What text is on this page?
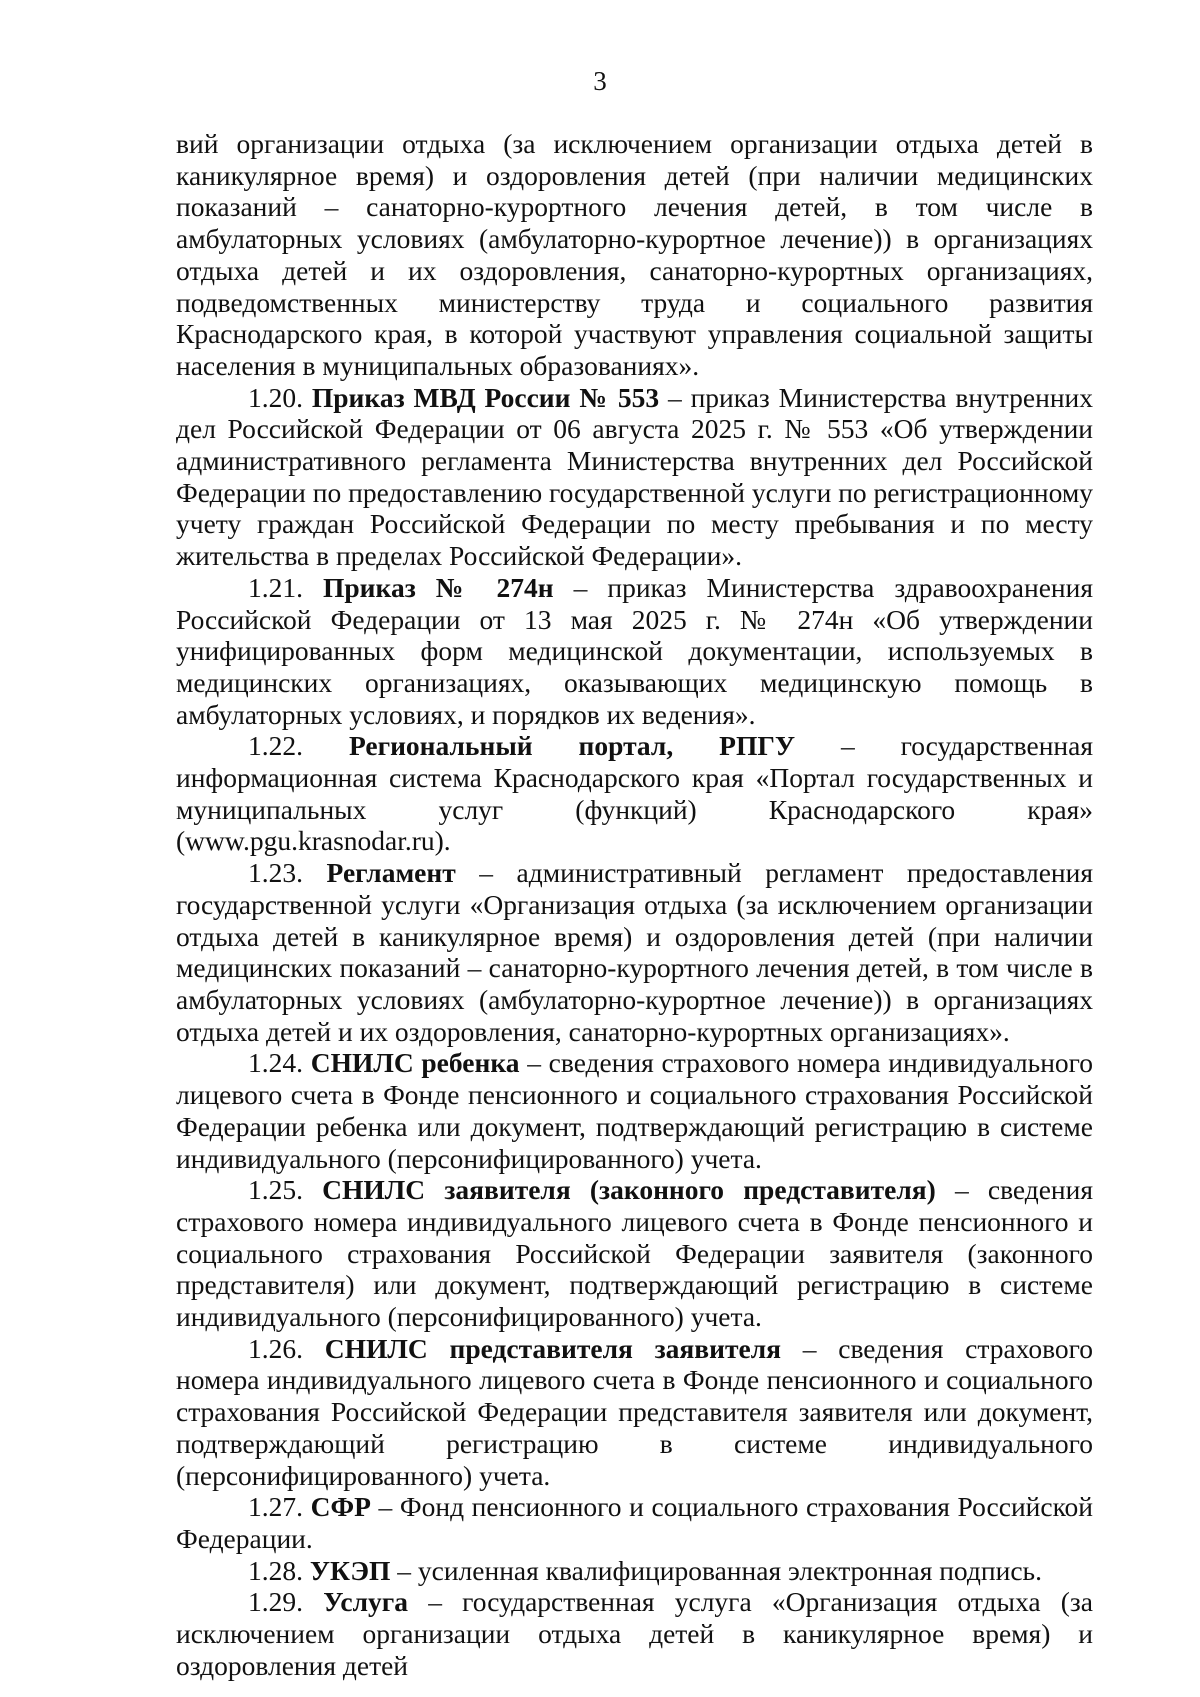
3

вий организации отдыха (за исключением организации отдыха детей в каникулярное время) и оздоровления детей (при наличии медицинских показаний – санаторно-курортного лечения детей, в том числе в амбулаторных условиях (амбулаторно-курортное лечение)) в организациях отдыха детей и их оздоровления, санаторно-курортных организациях, подведомственных министерству труда и социального развития Краснодарского края, в которой участвуют управления социальной защиты населения в муниципальных образованиях».

1.20. Приказ МВД России № 553 – приказ Министерства внутренних дел Российской Федерации от 06 августа 2025 г. № 553 «Об утверждении административного регламента Министерства внутренних дел Российской Федерации по предоставлению государственной услуги по регистрационному учету граждан Российской Федерации по месту пребывания и по месту жительства в пределах Российской Федерации».

1.21. Приказ № 274н – приказ Министерства здравоохранения Российской Федерации от 13 мая 2025 г. № 274н «Об утверждении унифицированных форм медицинской документации, используемых в медицинских организациях, оказывающих медицинскую помощь в амбулаторных условиях, и порядков их ведения».

1.22. Региональный портал, РПГУ – государственная информационная система Краснодарского края «Портал государственных и муниципальных услуг (функций) Краснодарского края» (www.pgu.krasnodar.ru).

1.23. Регламент – административный регламент предоставления государственной услуги «Организация отдыха (за исключением организации отдыха детей в каникулярное время) и оздоровления детей (при наличии медицинских показаний – санаторно-курортного лечения детей, в том числе в амбулаторных условиях (амбулаторно-курортное лечение)) в организациях отдыха детей и их оздоровления, санаторно-курортных организациях».

1.24. СНИЛС ребенка – сведения страхового номера индивидуального лицевого счета в Фонде пенсионного и социального страхования Российской Федерации ребенка или документ, подтверждающий регистрацию в системе индивидуального (персонифицированного) учета.

1.25. СНИЛС заявителя (законного представителя) – сведения страхового номера индивидуального лицевого счета в Фонде пенсионного и социального страхования Российской Федерации заявителя (законного представителя) или документ, подтверждающий регистрацию в системе индивидуального (персонифицированного) учета.

1.26. СНИЛС представителя заявителя – сведения страхового номера индивидуального лицевого счета в Фонде пенсионного и социального страхования Российской Федерации представителя заявителя или документ, подтверждающий регистрацию в системе индивидуального (персонифицированного) учета.

1.27. СФР – Фонд пенсионного и социального страхования Российской Федерации.

1.28. УКЭП – усиленная квалифицированная электронная подпись.

1.29. Услуга – государственная услуга «Организация отдыха (за исключением организации отдыха детей в каникулярное время) и оздоровления детей
